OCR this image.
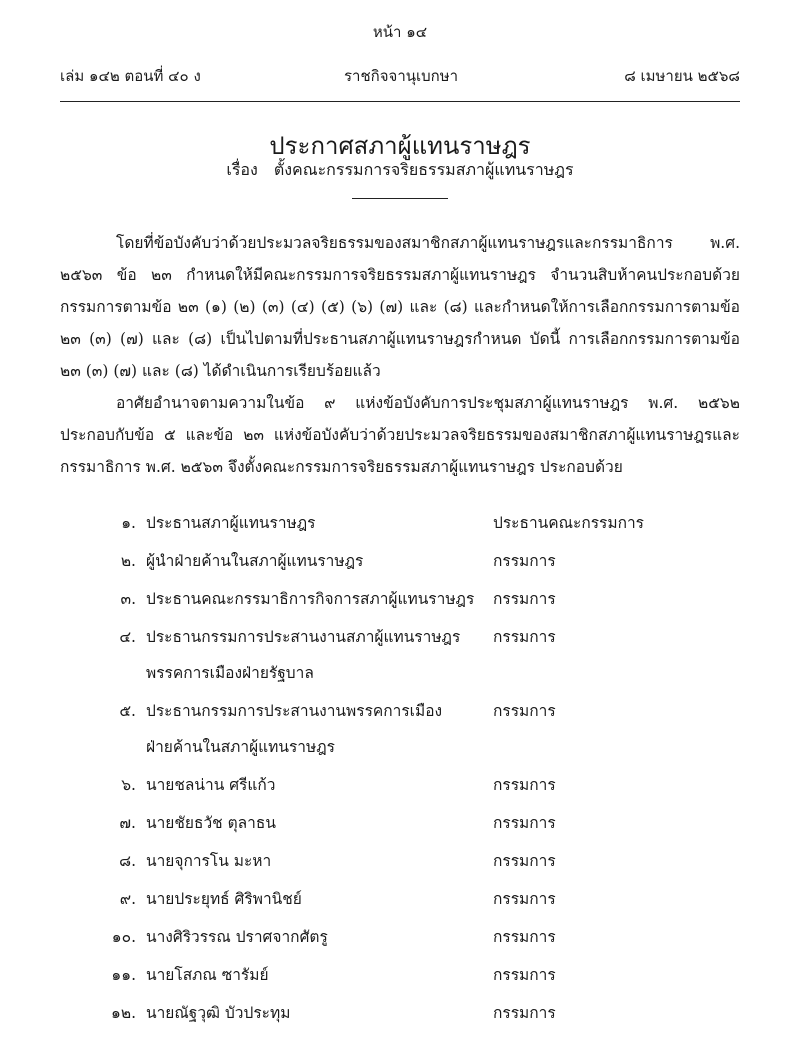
หน้า ๑๔
เล่ม ๑๔๒ ตอนที่ ๔๐ ง	ราชกิจจานุเบกษา	๘ เมษายน ๒๕๖๘
ประกาศสภาผู้แทนราษฎร
เรื่อง ตั้งคณะกรรมการจริยธรรมสภาผู้แทนราษฎร

โดยที่ข้อบังคับว่าด้วยประมวลจริยธรรมของสมาชิกสภาผู้แทนราษฎรและกรรมาธิการ พ.ศ. ๒๕๖๓ ข้อ ๒๓ กำหนดให้มีคณะกรรมการจริยธรรมสภาผู้แทนราษฎร จำนวนสิบห้าคนประกอบด้วยกรรมการตามข้อ ๒๓ (๑) (๒) (๓) (๔) (๕) (๖) (๗) และ (๘) และกำหนดให้การเลือกกรรมการตามข้อ ๒๓ (๓) (๗) และ (๘) เป็นไปตามที่ประธานสภาผู้แทนราษฎรกำหนด บัดนี้ การเลือกกรรมการตามข้อ ๒๓ (๓) (๗) และ (๘) ได้ดำเนินการเรียบร้อยแล้ว

อาศัยอำนาจตามความในข้อ ๙ แห่งข้อบังคับการประชุมสภาผู้แทนราษฎร พ.ศ. ๒๕๖๒ ประกอบกับข้อ ๕ และข้อ ๒๓ แห่งข้อบังคับว่าด้วยประมวลจริยธรรมของสมาชิกสภาผู้แทนราษฎรและกรรมาธิการ พ.ศ. ๒๕๖๓ จึงตั้งคณะกรรมการจริยธรรมสภาผู้แทนราษฎร ประกอบด้วย

๑. ประธานสภาผู้แทนราษฎร	ประธานคณะกรรมการ
๒. ผู้นำฝ่ายค้านในสภาผู้แทนราษฎร	กรรมการ
๓. ประธานคณะกรรมาธิการกิจการสภาผู้แทนราษฎร	กรรมการ
๔. ประธานกรรมการประสานงานสภาผู้แทนราษฎร
พรรคการเมืองฝ่ายรัฐบาล
กรรมการ
๕. ประธานกรรมการประสานงานพรรคการเมือง
ฝ่ายค้านในสภาผู้แทนราษฎร
กรรมการ
๖. นายชลน่าน ศรีแก้ว	กรรมการ
๗. นายชัยธวัช ตุลาธน	กรรมการ
๘. นายจุการโน มะหา	กรรมการ
๙. นายประยุทธ์ ศิริพานิชย์	กรรมการ
๑๐. นางศิริวรรณ ปราศจากศัตรู	กรรมการ
๑๑. นายโสภณ ซารัมย์	กรรมการ
๑๒. นายณัฐวุฒิ บัวประทุม	กรรมการ
